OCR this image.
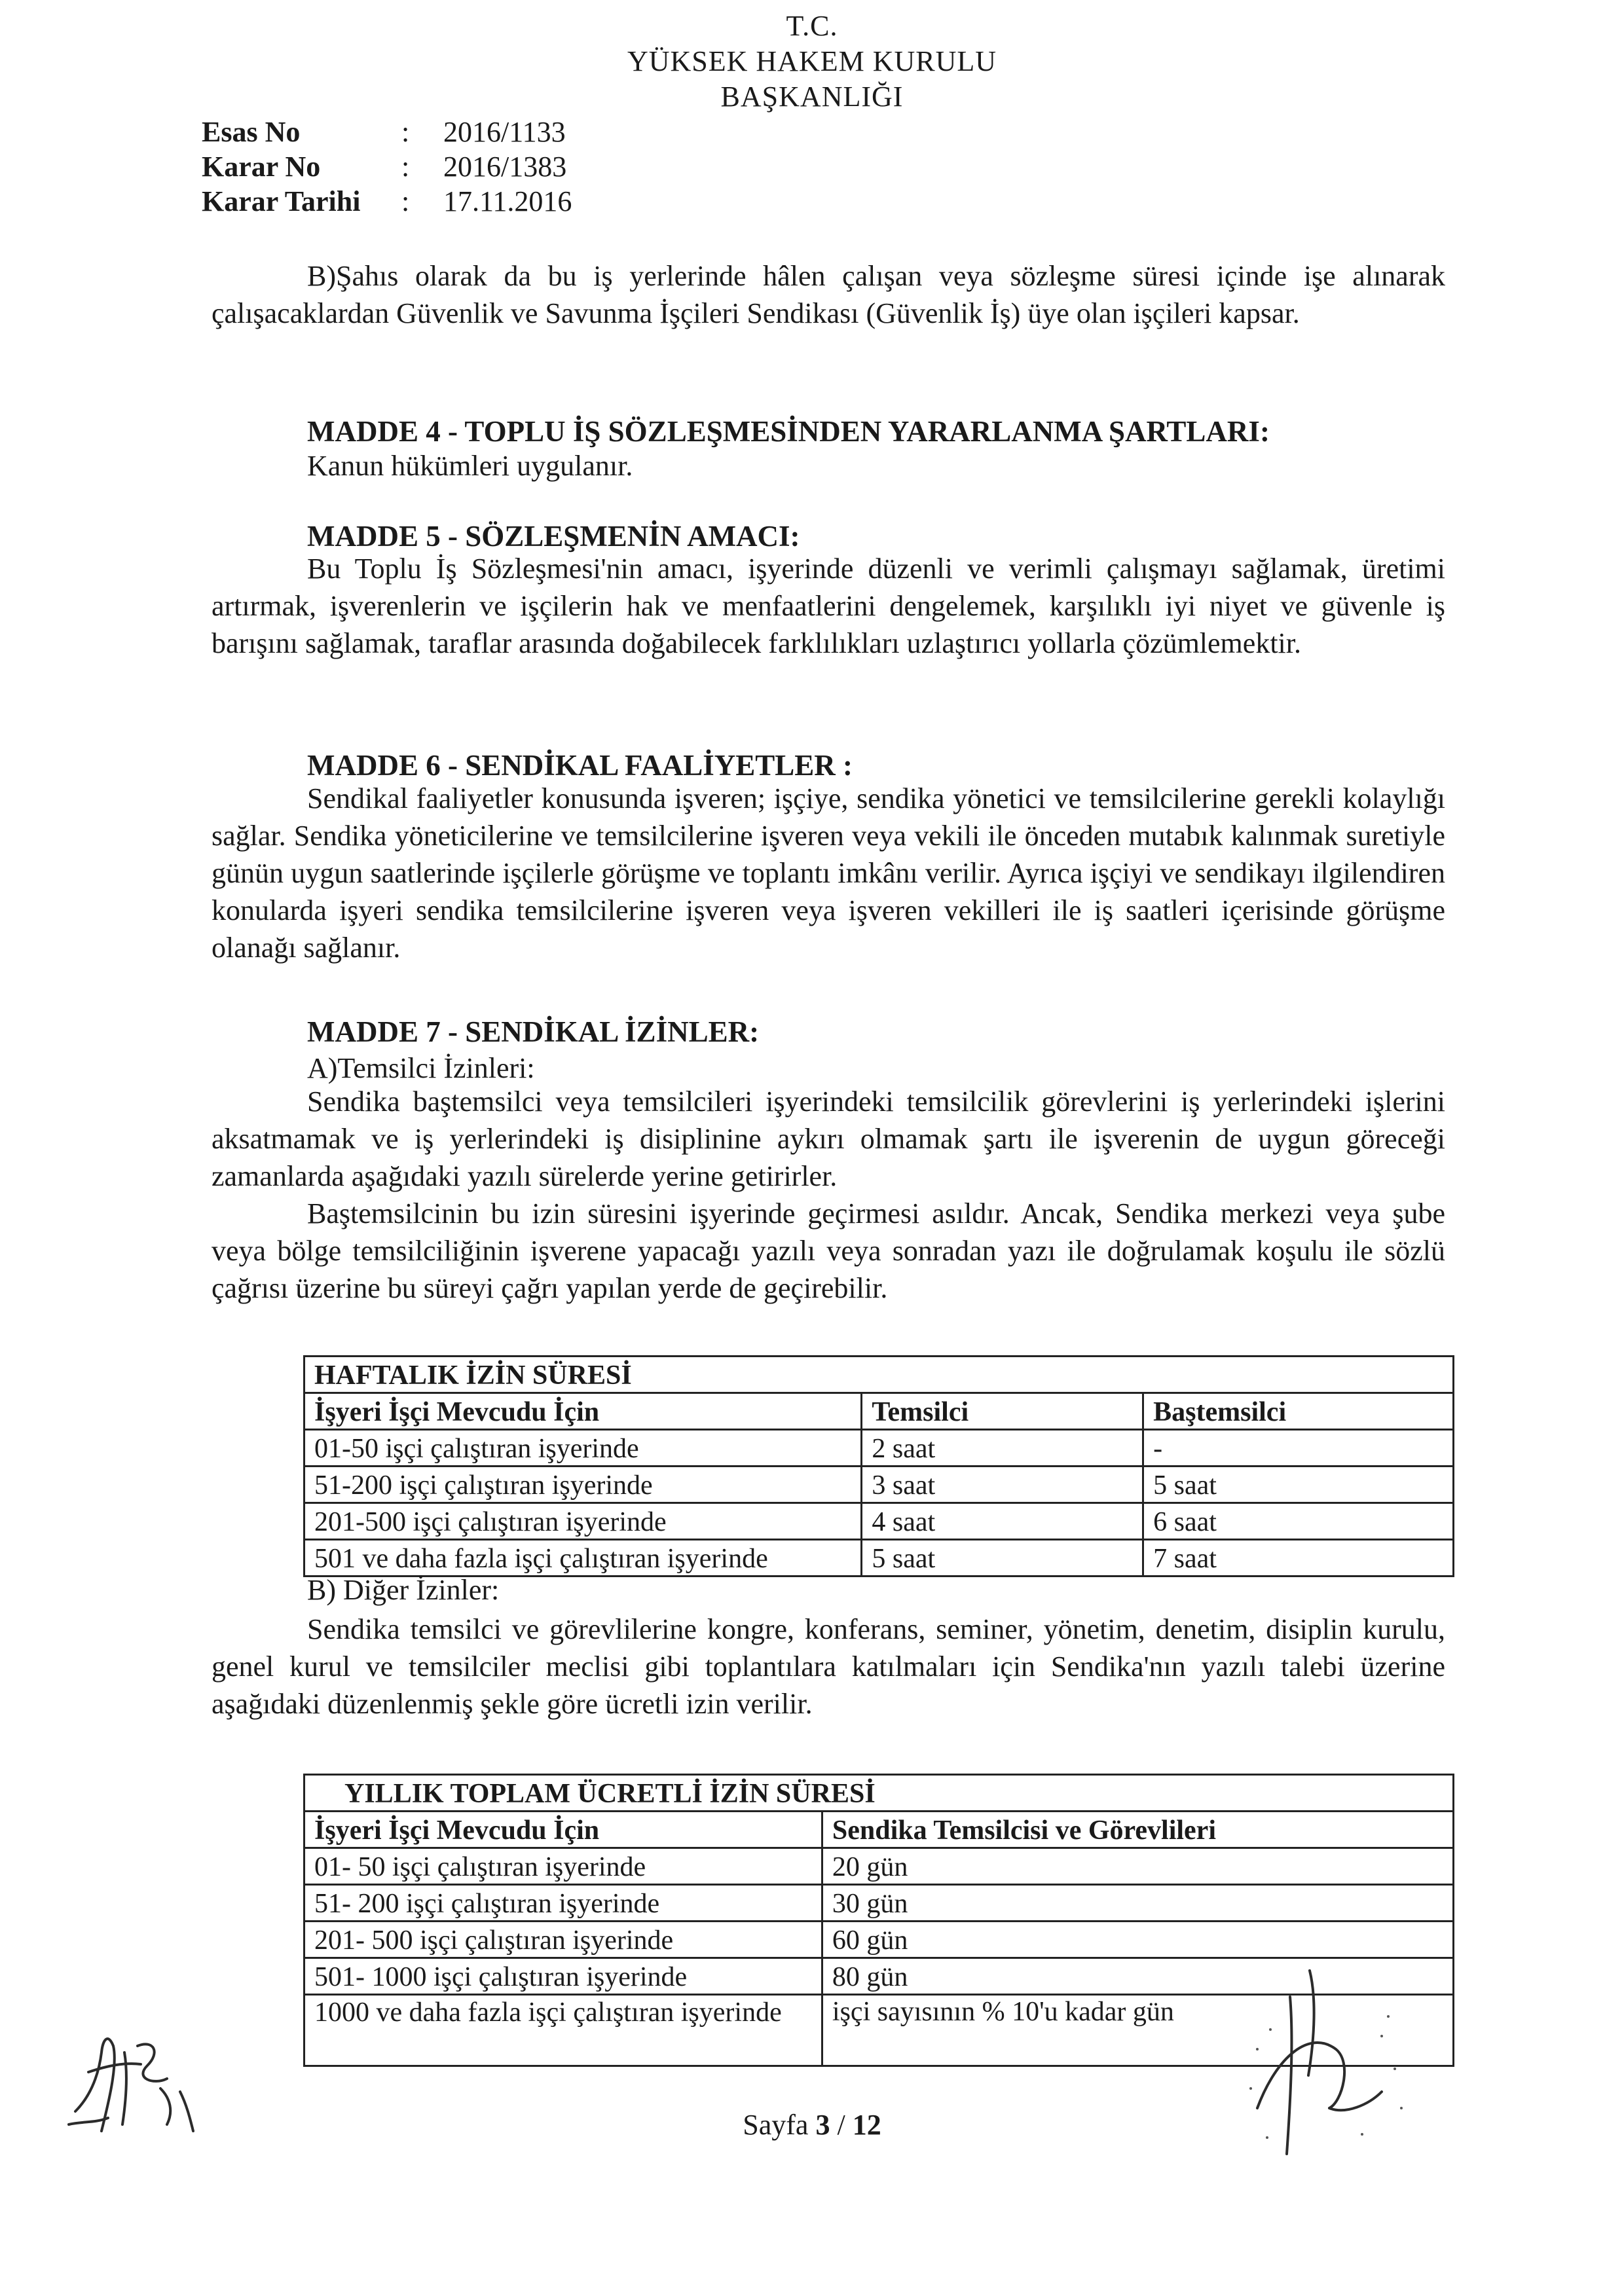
T.C.
YÜKSEK HAKEM KURULU
BAŞKANLIĞI
Esas No	: 2016/1133
Karar No	: 2016/1383
Karar Tarihi : 17.11.2016
B)Şahıs olarak da bu iş yerlerinde hâlen çalışan veya sözleşme süresi içinde işe alınarak çalışacaklardan Güvenlik ve Savunma İşçileri Sendikası (Güvenlik İş) üye olan işçileri kapsar.
MADDE 4 - TOPLU İŞ SÖZLEŞMESİNDEN YARARLANMA ŞARTLARI:
Kanun hükümleri uygulanır.
MADDE 5 - SÖZLEŞMENİN AMACI:
Bu Toplu İş Sözleşmesi'nin amacı, işyerinde düzenli ve verimli çalışmayı sağlamak, üretimi artırmak, işverenlerin ve işçilerin hak ve menfaatlerini dengelemek, karşılıklı iyi niyet ve güvenle iş barışını sağlamak, taraflar arasında doğabilecek farklılıkları uzlaştırıcı yollarla çözümlemektir.
MADDE 6 - SENDİKAL FAALİYETLER :
Sendikal faaliyetler konusunda işveren; işçiye, sendika yönetici ve temsilcilerine gerekli kolaylığı sağlar. Sendika yöneticilerine ve temsilcilerine işveren veya vekili ile önceden mutabık kalınmak suretiyle günün uygun saatlerinde işçilerle görüşme ve toplantı imkânı verilir. Ayrıca işçiyi ve sendikayı ilgilendiren konularda işyeri sendika temsilcilerine işveren veya işveren vekilleri ile iş saatleri içerisinde görüşme olanağı sağlanır.
MADDE 7 - SENDİKAL İZİNLER:
A)Temsilci İzinleri:
Sendika baştemsilci veya temsilcileri işyerindeki temsilcilik görevlerini iş yerlerindeki işlerini aksatmamak ve iş yerlerindeki iş disiplinine aykırı olmamak şartı ile işverenin de uygun göreceği zamanlarda aşağıdaki yazılı sürelerde yerine getirirler.
Baştemsilcinin bu izin süresini işyerinde geçirmesi asıldır. Ancak, Sendika merkezi veya şube veya bölge temsilciliğinin işverene yapacağı yazılı veya sonradan yazı ile doğrulamak koşulu ile sözlü çağrısı üzerine bu süreyi çağrı yapılan yerde de geçirebilir.
HAFTALIK İZİN SÜRESİ		
İşyeri İşçi Mevcudu İçin	Temsilci	Baştemsilci
01-50 işçi çalıştıran işyerinde	2 saat	-
51-200 işçi çalıştıran işyerinde	3 saat	5 saat
201-500 işçi çalıştıran işyerinde	4 saat	6 saat
501 ve daha fazla işçi çalıştıran işyerinde	5 saat	7 saat
B) Diğer İzinler:
Sendika temsilci ve görevlilerine kongre, konferans, seminer, yönetim, denetim, disiplin kurulu, genel kurul ve temsilciler meclisi gibi toplantılara katılmaları için Sendika'nın yazılı talebi üzerine aşağıdaki düzenlenmiş şekle göre ücretli izin verilir.
YILLIK TOPLAM ÜCRETLİ İZİN SÜRESİ	
İşyeri İşçi Mevcudu İçin	Sendika Temsilcisi ve Görevlileri
01- 50 işçi çalıştıran işyerinde	20 gün
51- 200 işçi çalıştıran işyerinde	30 gün
201- 500 işçi çalıştıran işyerinde	60 gün
501- 1000 işçi çalıştıran işyerinde	80 gün
1000 ve daha fazla işçi çalıştıran işyerinde	işçi sayısının % 10'u kadar gün
Sayfa 3 / 12
